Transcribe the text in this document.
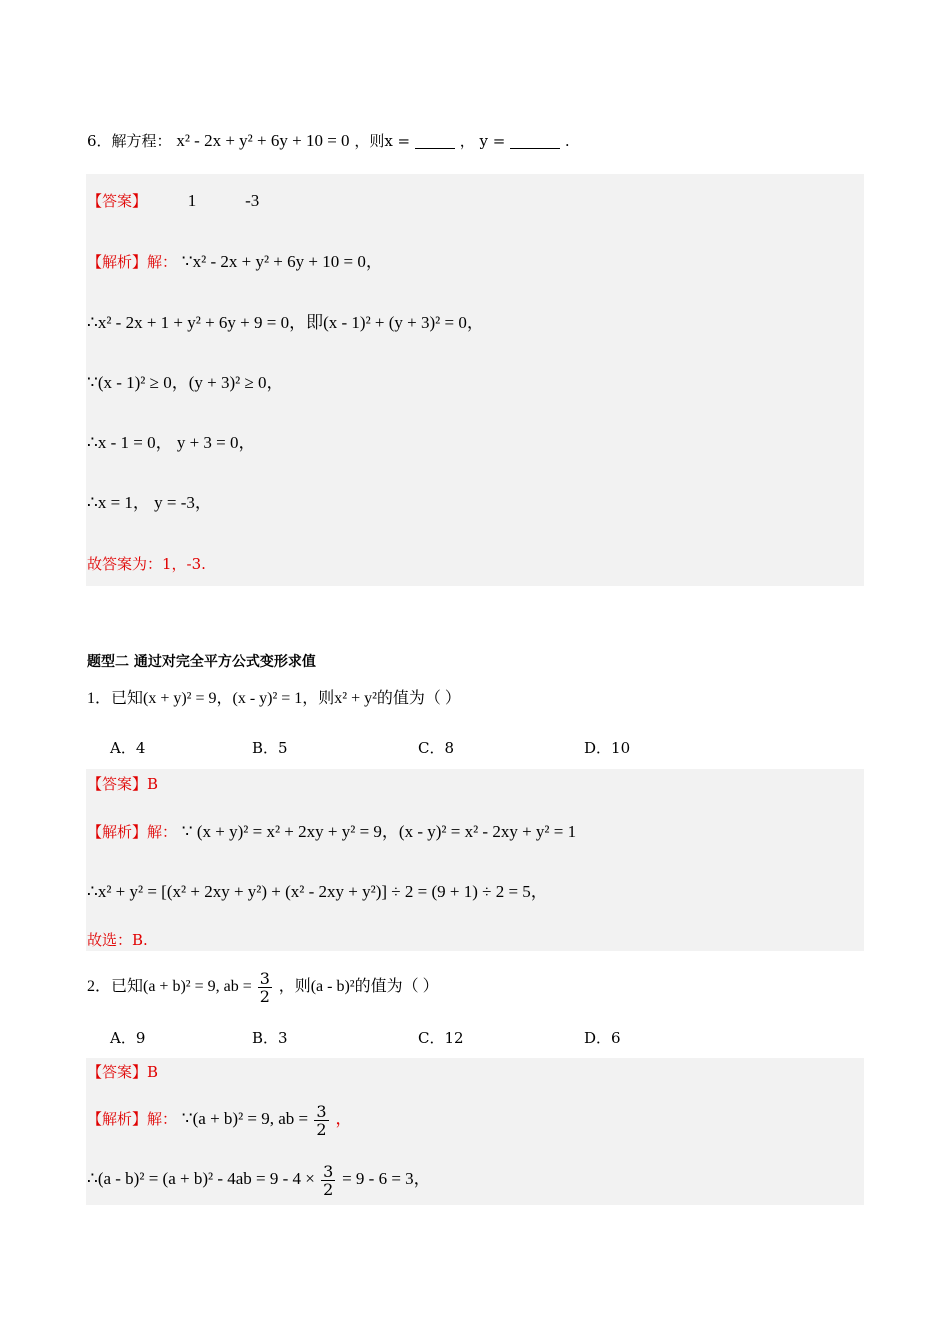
6．解方程： x² - 2x + y² + 6y + 10 = 0 ，则x =	， y =	.
【答案】 1	-3
【解析】解： ∵x² - 2x + y² + 6y + 10 = 0，
∴x² - 2x + 1 + y² + 6y + 9 = 0，即(x - 1)² + (y + 3)² = 0，
∵(x - 1)² ≥ 0，(y + 3)² ≥ 0，
∴x - 1 = 0， y + 3 = 0，
∴x = 1， y = -3，
故答案为：1，-3.
题型二 通过对完全平方公式变形求值
1．已知(x + y)² = 9，(x - y)² = 1，则x² + y²的值为（ ）
A．4	B．5	C．8	D．10
【答案】B
【解析】解： ∵ (x + y)² = x² + 2xy + y² = 9，(x - y)² = x² - 2xy + y² = 1
∴x² + y² = [(x² + 2xy + y²) + (x² - 2xy + y²)] ÷ 2 = (9 + 1) ÷ 2 = 5，
故选：B.
2．已知(a + b)² = 9, ab = $\frac{3}{2}$ ，则(a - b)²的值为（ ）
A．9	B．3	C．12	D．6
【答案】B
【解析】解： ∵(a + b)² = 9, ab = $\frac{3}{2}$ ，
∴(a - $b)^2 = (a + b)^2 - 4ab = 9 - 4 \times \frac{3}{2} = 9 - 6 = 3$，
